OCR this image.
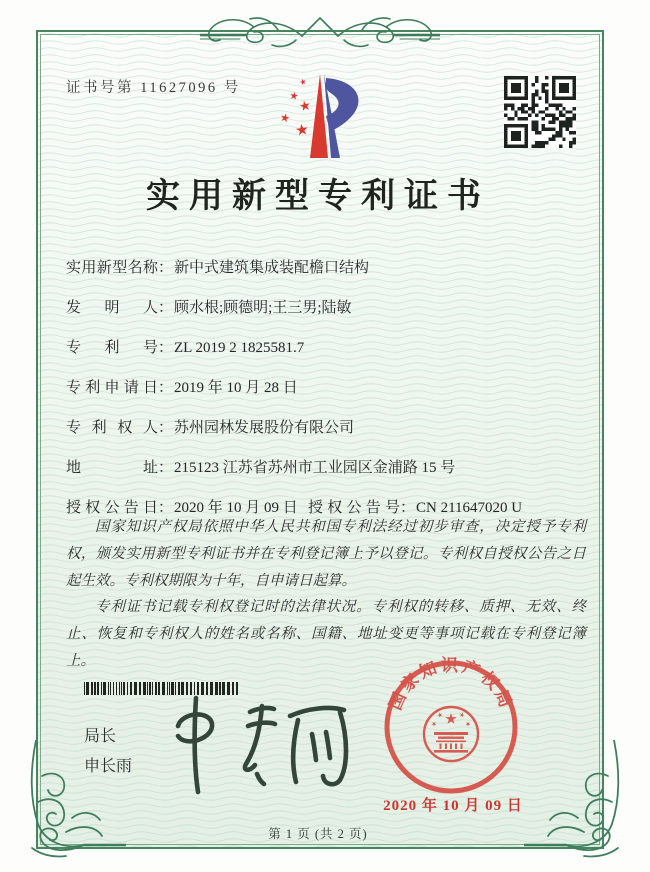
证书号第 11627096 号
实用新型专利证书
实用新型名称：新中式建筑集成装配檐口结构
发明人：顾水根;顾德明;王三男;陆敏
专利号：ZL 2019 2 1825581.7
专利申请日：2019 年 10 月 28 日
专利权人：苏州园林发展股份有限公司
地址：215123 江苏省苏州市工业园区金浦路 15 号
授权公告日：2020 年 10 月 09 日 授权公告号：CN 211647020 U

国家知识产权局依照中华人民共和国专利法经过初步审查，决定授予专利权，颁发实用新型专利证书并在专利登记簿上予以登记。专利权自授权公告之日起生效。专利权期限为十年，自申请日起算。

专利证书记载专利权登记时的法律状况。专利权的转移、质押、无效、终止、恢复和专利权人的姓名或名称、国籍、地址变更等事项记载在专利登记簿上。

局长
申长雨
国家知识产权局
2020 年 10 月 09 日
第 1 页 (共 2 页)
